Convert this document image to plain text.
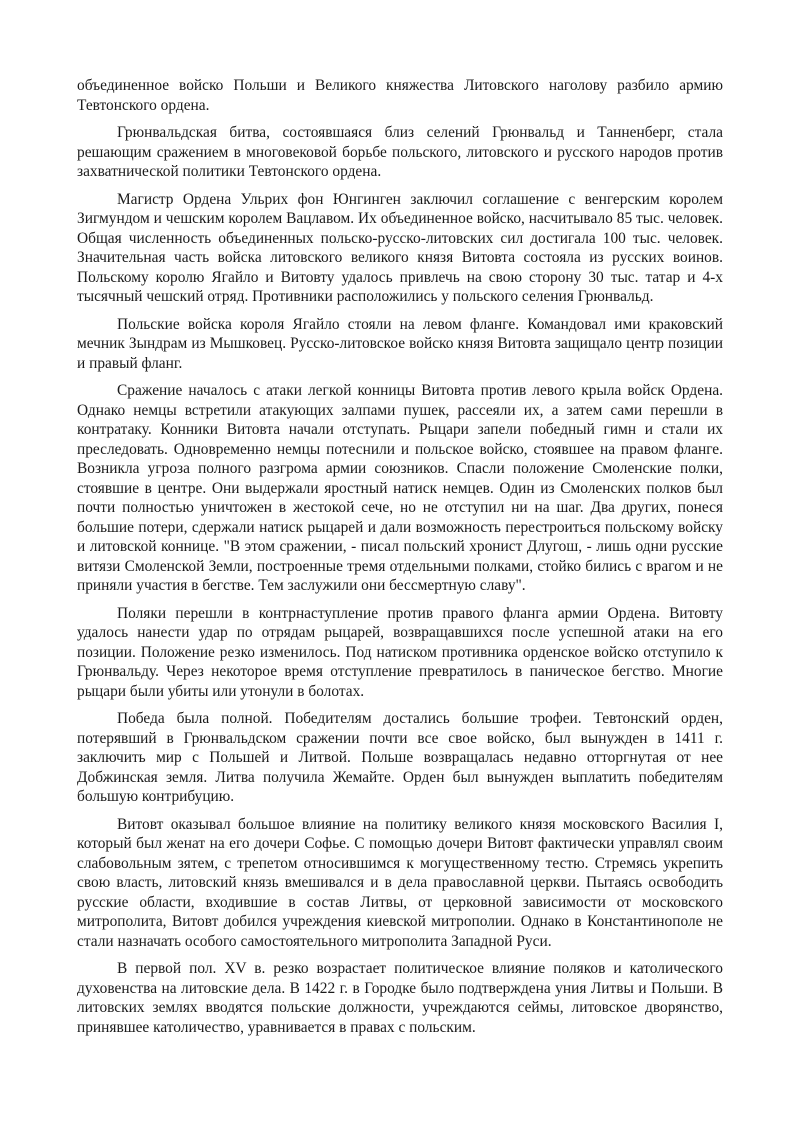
объединенное войско Польши и Великого княжества Литовского наголову разбило армию Тевтонского ордена.

Грюнвальдская битва, состоявшаяся близ селений Грюнвальд и Танненберг, стала решающим сражением в многовековой борьбе польского, литовского и русского народов против захватнической политики Тевтонского ордена.

Магистр Ордена Ульрих фон Юнгинген заключил соглашение с венгерским королем Зигмундом и чешским королем Вацлавом. Их объединенное войско, насчитывало 85 тыс. человек. Общая численность объединенных польско-русско-литовских сил достигала 100 тыс. человек. Значительная часть войска литовского великого князя Витовта состояла из русских воинов. Польскому королю Ягайло и Витовту удалось привлечь на свою сторону 30 тыс. татар и 4-х тысячный чешский отряд. Противники расположились у польского селения Грюнвальд.

Польские войска короля Ягайло стояли на левом фланге. Командовал ими краковский мечник Зындрам из Мышковец. Русско-литовское войско князя Витовта защищало центр позиции и правый фланг.

Сражение началось с атаки легкой конницы Витовта против левого крыла войск Ордена. Однако немцы встретили атакующих залпами пушек, рассеяли их, а затем сами перешли в контратаку. Конники Витовта начали отступать. Рыцари запели победный гимн и стали их преследовать. Одновременно немцы потеснили и польское войско, стоявшее на правом фланге. Возникла угроза полного разгрома армии союзников. Спасли положение Смоленские полки, стоявшие в центре. Они выдержали яростный натиск немцев. Один из Смоленских полков был почти полностью уничтожен в жестокой сече, но не отступил ни на шаг. Два других, понеся большие потери, сдержали натиск рыцарей и дали возможность перестроиться польскому войску и литовской коннице. "В этом сражении, - писал польский хронист Длугош, - лишь одни русские витязи Смоленской Земли, построенные тремя отдельными полками, стойко бились с врагом и не приняли участия в бегстве. Тем заслужили они бессмертную славу".

Поляки перешли в контрнаступление против правого фланга армии Ордена. Витовту удалось нанести удар по отрядам рыцарей, возвращавшихся после успешной атаки на его позиции. Положение резко изменилось. Под натиском противника орденское войско отступило к Грюнвальду. Через некоторое время отступление превратилось в паническое бегство. Многие рыцари были убиты или утонули в болотах.

Победа была полной. Победителям достались большие трофеи. Тевтонский орден, потерявший в Грюнвальдском сражении почти все свое войско, был вынужден в 1411 г. заключить мир с Польшей и Литвой. Польше возвращалась недавно отторгнутая от нее Добжинская земля. Литва получила Жемайте. Орден был вынужден выплатить победителям большую контрибуцию.

Витовт оказывал большое влияние на политику великого князя московского Василия I, который был женат на его дочери Софье. С помощью дочери Витовт фактически управлял своим слабовольным зятем, с трепетом относившимся к могущественному тестю. Стремясь укрепить свою власть, литовский князь вмешивался и в дела православной церкви. Пытаясь освободить русские области, входившие в состав Литвы, от церковной зависимости от московского митрополита, Витовт добился учреждения киевской митрополии. Однако в Константинополе не стали назначать особого самостоятельного митрополита Западной Руси.

В первой пол. XV в. резко возрастает политическое влияние поляков и католического духовенства на литовские дела. В 1422 г. в Городке было подтверждена уния Литвы и Польши. В литовских землях вводятся польские должности, учреждаются сеймы, литовское дворянство, принявшее католичество, уравнивается в правах с польским.
